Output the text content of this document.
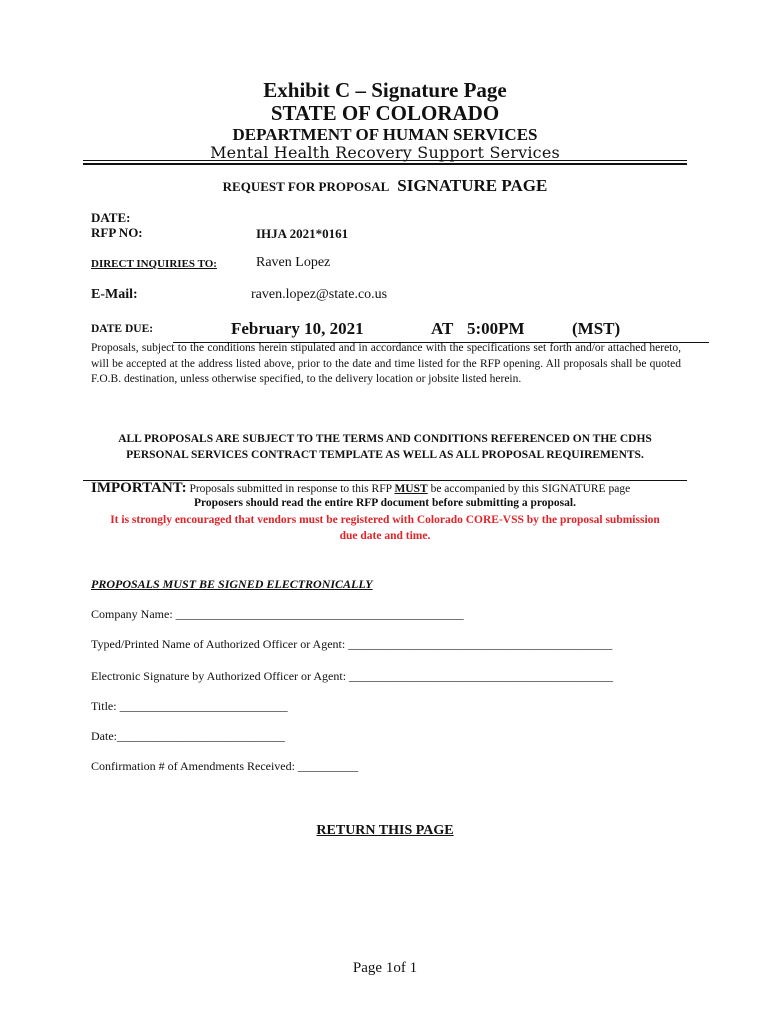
Exhibit C – Signature Page
STATE OF COLORADO
DEPARTMENT OF HUMAN SERVICES
Mental Health Recovery Support Services
REQUEST FOR PROPOSAL SIGNATURE PAGE
DATE:
RFP NO:	IHJA 2021*0161
DIRECT INQUIRIES TO:	Raven Lopez
E-Mail:	raven.lopez@state.co.us
DATE DUE:	February 10, 2021	AT 5:00PM	(MST)
Proposals, subject to the conditions herein stipulated and in accordance with the specifications set forth and/or attached hereto, will be accepted at the address listed above, prior to the date and time listed for the RFP opening. All proposals shall be quoted F.O.B. destination, unless otherwise specified, to the delivery location or jobsite listed herein.
ALL PROPOSALS ARE SUBJECT TO THE TERMS AND CONDITIONS REFERENCED ON THE CDHS PERSONAL SERVICES CONTRACT TEMPLATE AS WELL AS ALL PROPOSAL REQUIREMENTS.
IMPORTANT: Proposals submitted in response to this RFP MUST be accompanied by this SIGNATURE page
Proposers should read the entire RFP document before submitting a proposal.
It is strongly encouraged that vendors must be registered with Colorado CORE-VSS by the proposal submission due date and time.
PROPOSALS MUST BE SIGNED ELECTRONICALLY
Company Name: ________________________________________________
Typed/Printed Name of Authorized Officer or Agent: ____________________________________________
Electronic Signature by Authorized Officer or Agent: ____________________________________________
Title: ____________________________
Date:____________________________
Confirmation # of Amendments Received: __________
RETURN THIS PAGE
Page 1of 1
